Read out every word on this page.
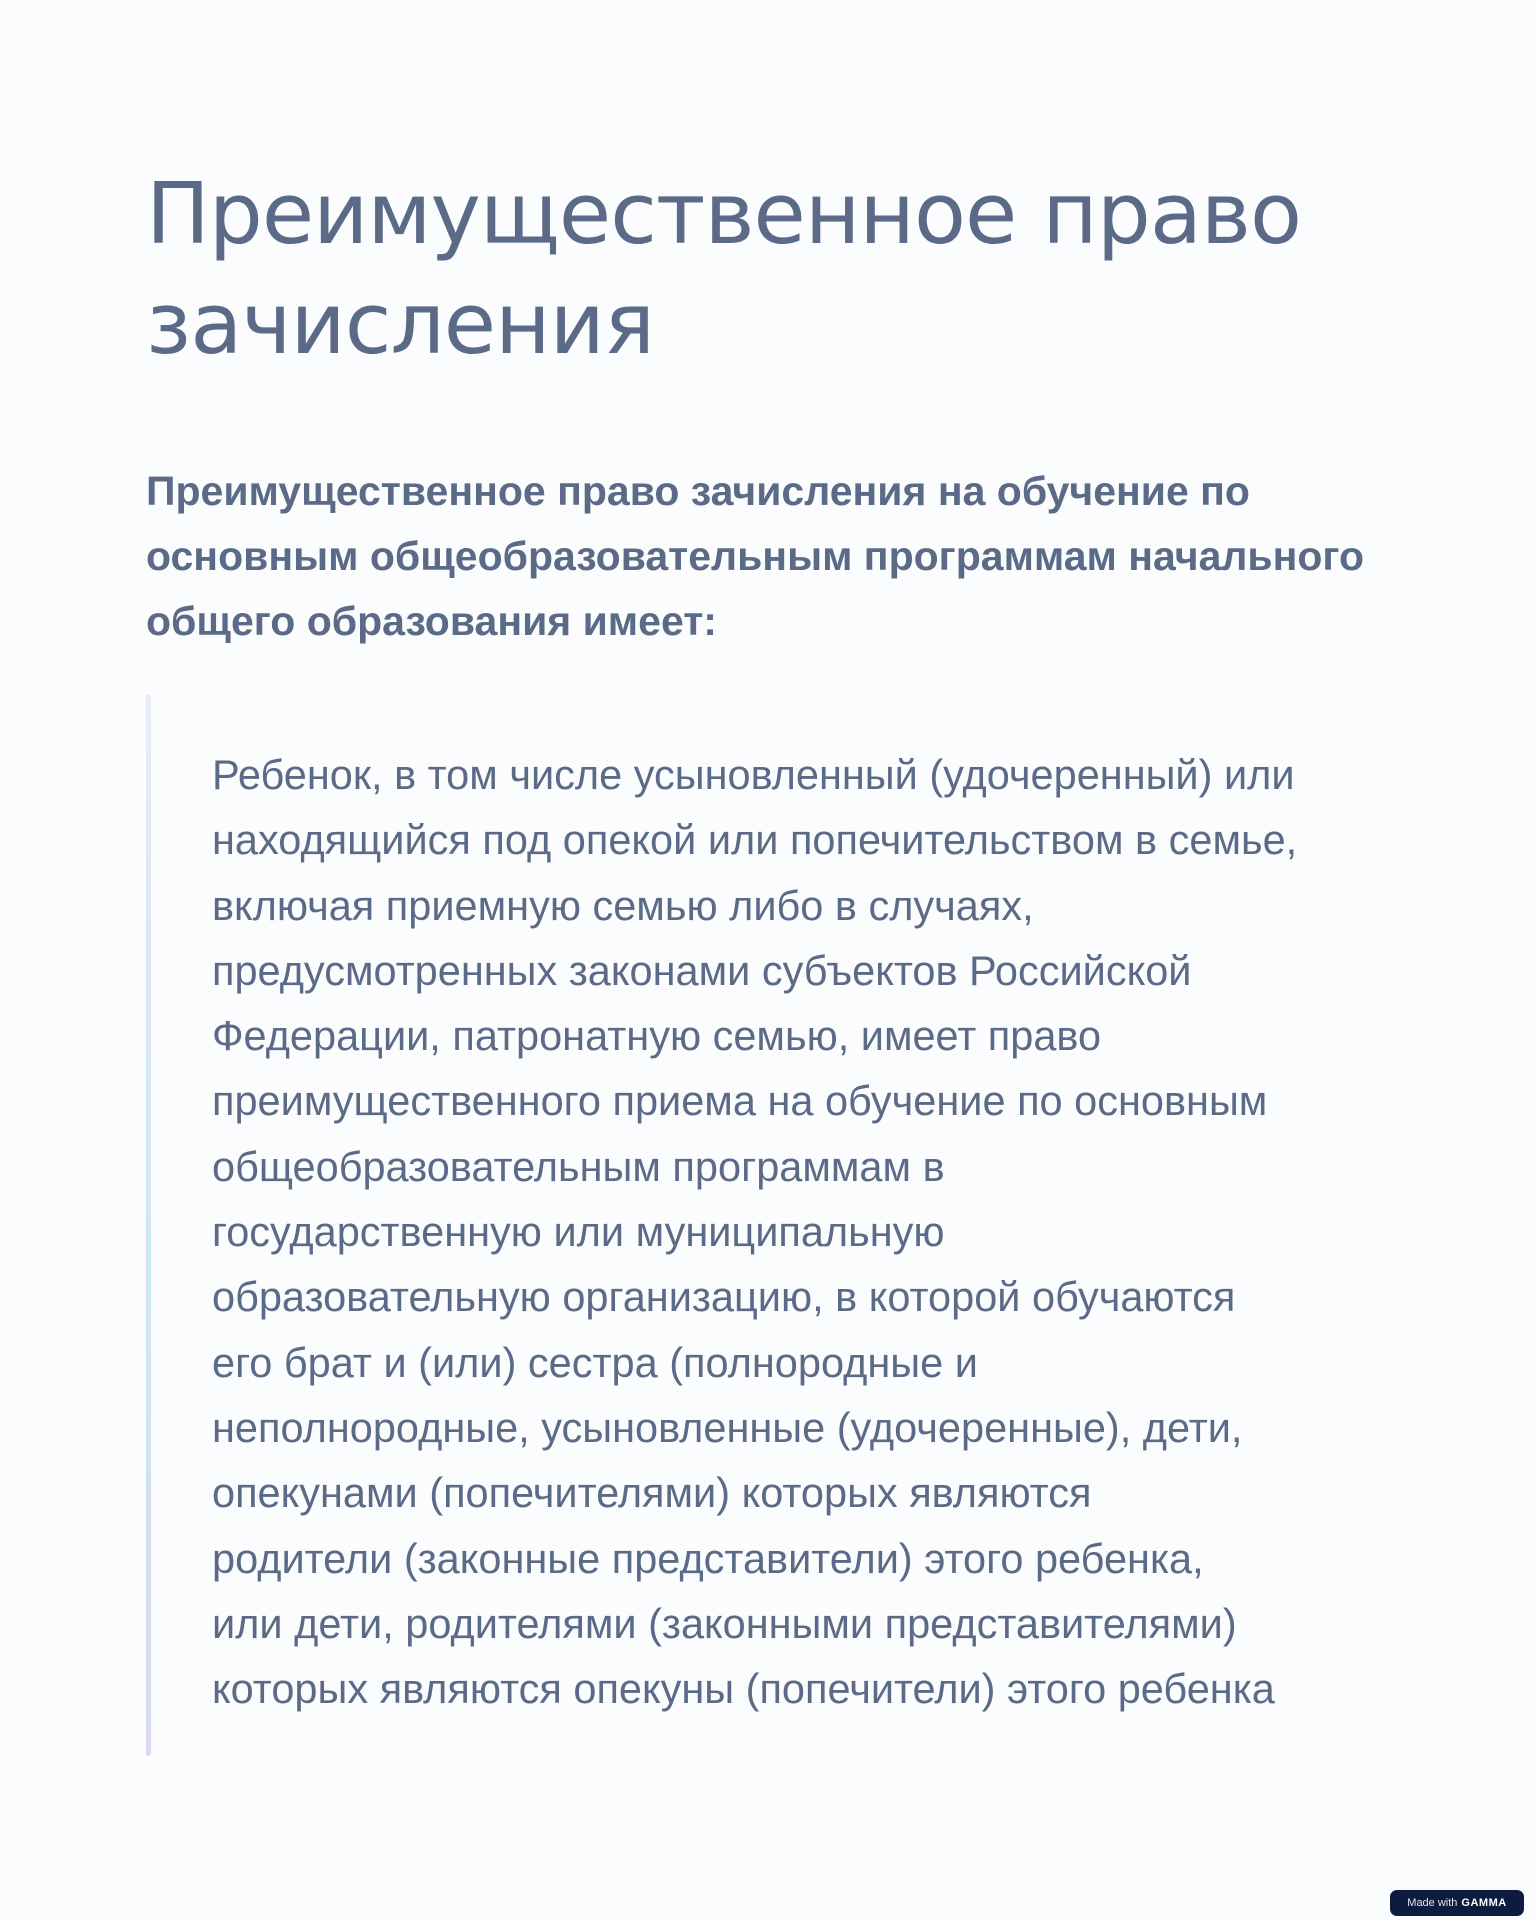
Преимущественное право зачисления

Преимущественное право зачисления на обучение по основным общеобразовательным программам начального общего образования имеет:

Ребенок, в том числе усыновленный (удочеренный) или
находящийся под опекой или попечительством в семье,
включая приемную семью либо в случаях,
предусмотренных законами субъектов Российской
Федерации, патронатную семью, имеет право
преимущественного приема на обучение по основным
общеобразовательным программам в
государственную или муниципальную
образовательную организацию, в которой обучаются
его брат и (или) сестра (полнородные и
неполнородные, усыновленные (удочеренные), дети,
опекунами (попечителями) которых являются
родители (законные представители) этого ребенка,
или дети, родителями (законными представителями)
которых являются опекуны (попечители) этого ребенка

Made with GAMMA
